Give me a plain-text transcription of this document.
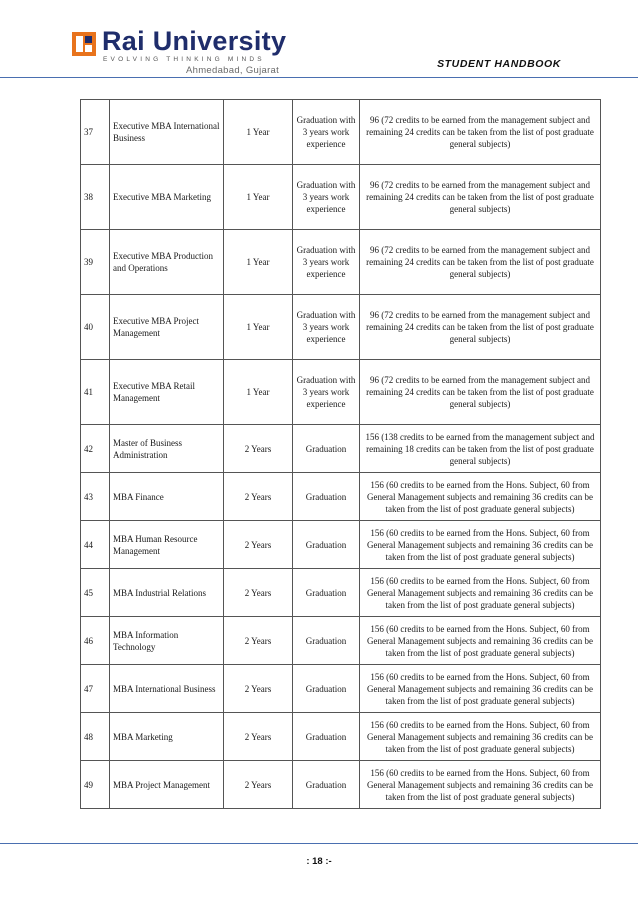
Rai University
EVOLVING THINKING MINDS
Ahmedabad, Gujarat
STUDENT HANDBOOK
37	Executive MBA International Business	1 Year	Graduation with 3 years work experience	96 (72 credits to be earned from the management subject and remaining 24 credits can be taken from the list of post graduate general subjects)
38	Executive MBA Marketing	1 Year	Graduation with 3 years work experience	96 (72 credits to be earned from the management subject and remaining 24 credits can be taken from the list of post graduate general subjects)
39	Executive MBA Production and Operations	1 Year	Graduation with 3 years work experience	96 (72 credits to be earned from the management subject and remaining 24 credits can be taken from the list of post graduate general subjects)
40	Executive MBA Project Management	1 Year	Graduation with 3 years work experience	96 (72 credits to be earned from the management subject and remaining 24 credits can be taken from the list of post graduate general subjects)
41	Executive MBA Retail Management	1 Year	Graduation with 3 years work experience	96 (72 credits to be earned from the management subject and remaining 24 credits can be taken from the list of post graduate general subjects)
42	Master of Business Administration	2 Years	Graduation	156 (138 credits to be earned from the management subject and remaining 18 credits can be taken from the list of post graduate general subjects)
43	MBA Finance	2 Years	Graduation	156 (60 credits to be earned from the Hons. Subject, 60 from General Management subjects and remaining 36 credits can be taken from the list of post graduate general subjects)
44	MBA Human Resource Management	2 Years	Graduation	156 (60 credits to be earned from the Hons. Subject, 60 from General Management subjects and remaining 36 credits can be taken from the list of post graduate general subjects)
45	MBA Industrial Relations	2 Years	Graduation	156 (60 credits to be earned from the Hons. Subject, 60 from General Management subjects and remaining 36 credits can be taken from the list of post graduate general subjects)
46	MBA Information Technology	2 Years	Graduation	156 (60 credits to be earned from the Hons. Subject, 60 from General Management subjects and remaining 36 credits can be taken from the list of post graduate general subjects)
47	MBA International Business	2 Years	Graduation	156 (60 credits to be earned from the Hons. Subject, 60 from General Management subjects and remaining 36 credits can be taken from the list of post graduate general subjects)
48	MBA Marketing	2 Years	Graduation	156 (60 credits to be earned from the Hons. Subject, 60 from General Management subjects and remaining 36 credits can be taken from the list of post graduate general subjects)
49	MBA Project Management	2 Years	Graduation	156 (60 credits to be earned from the Hons. Subject, 60 from General Management subjects and remaining 36 credits can be taken from the list of post graduate general subjects)
: 18 :-
